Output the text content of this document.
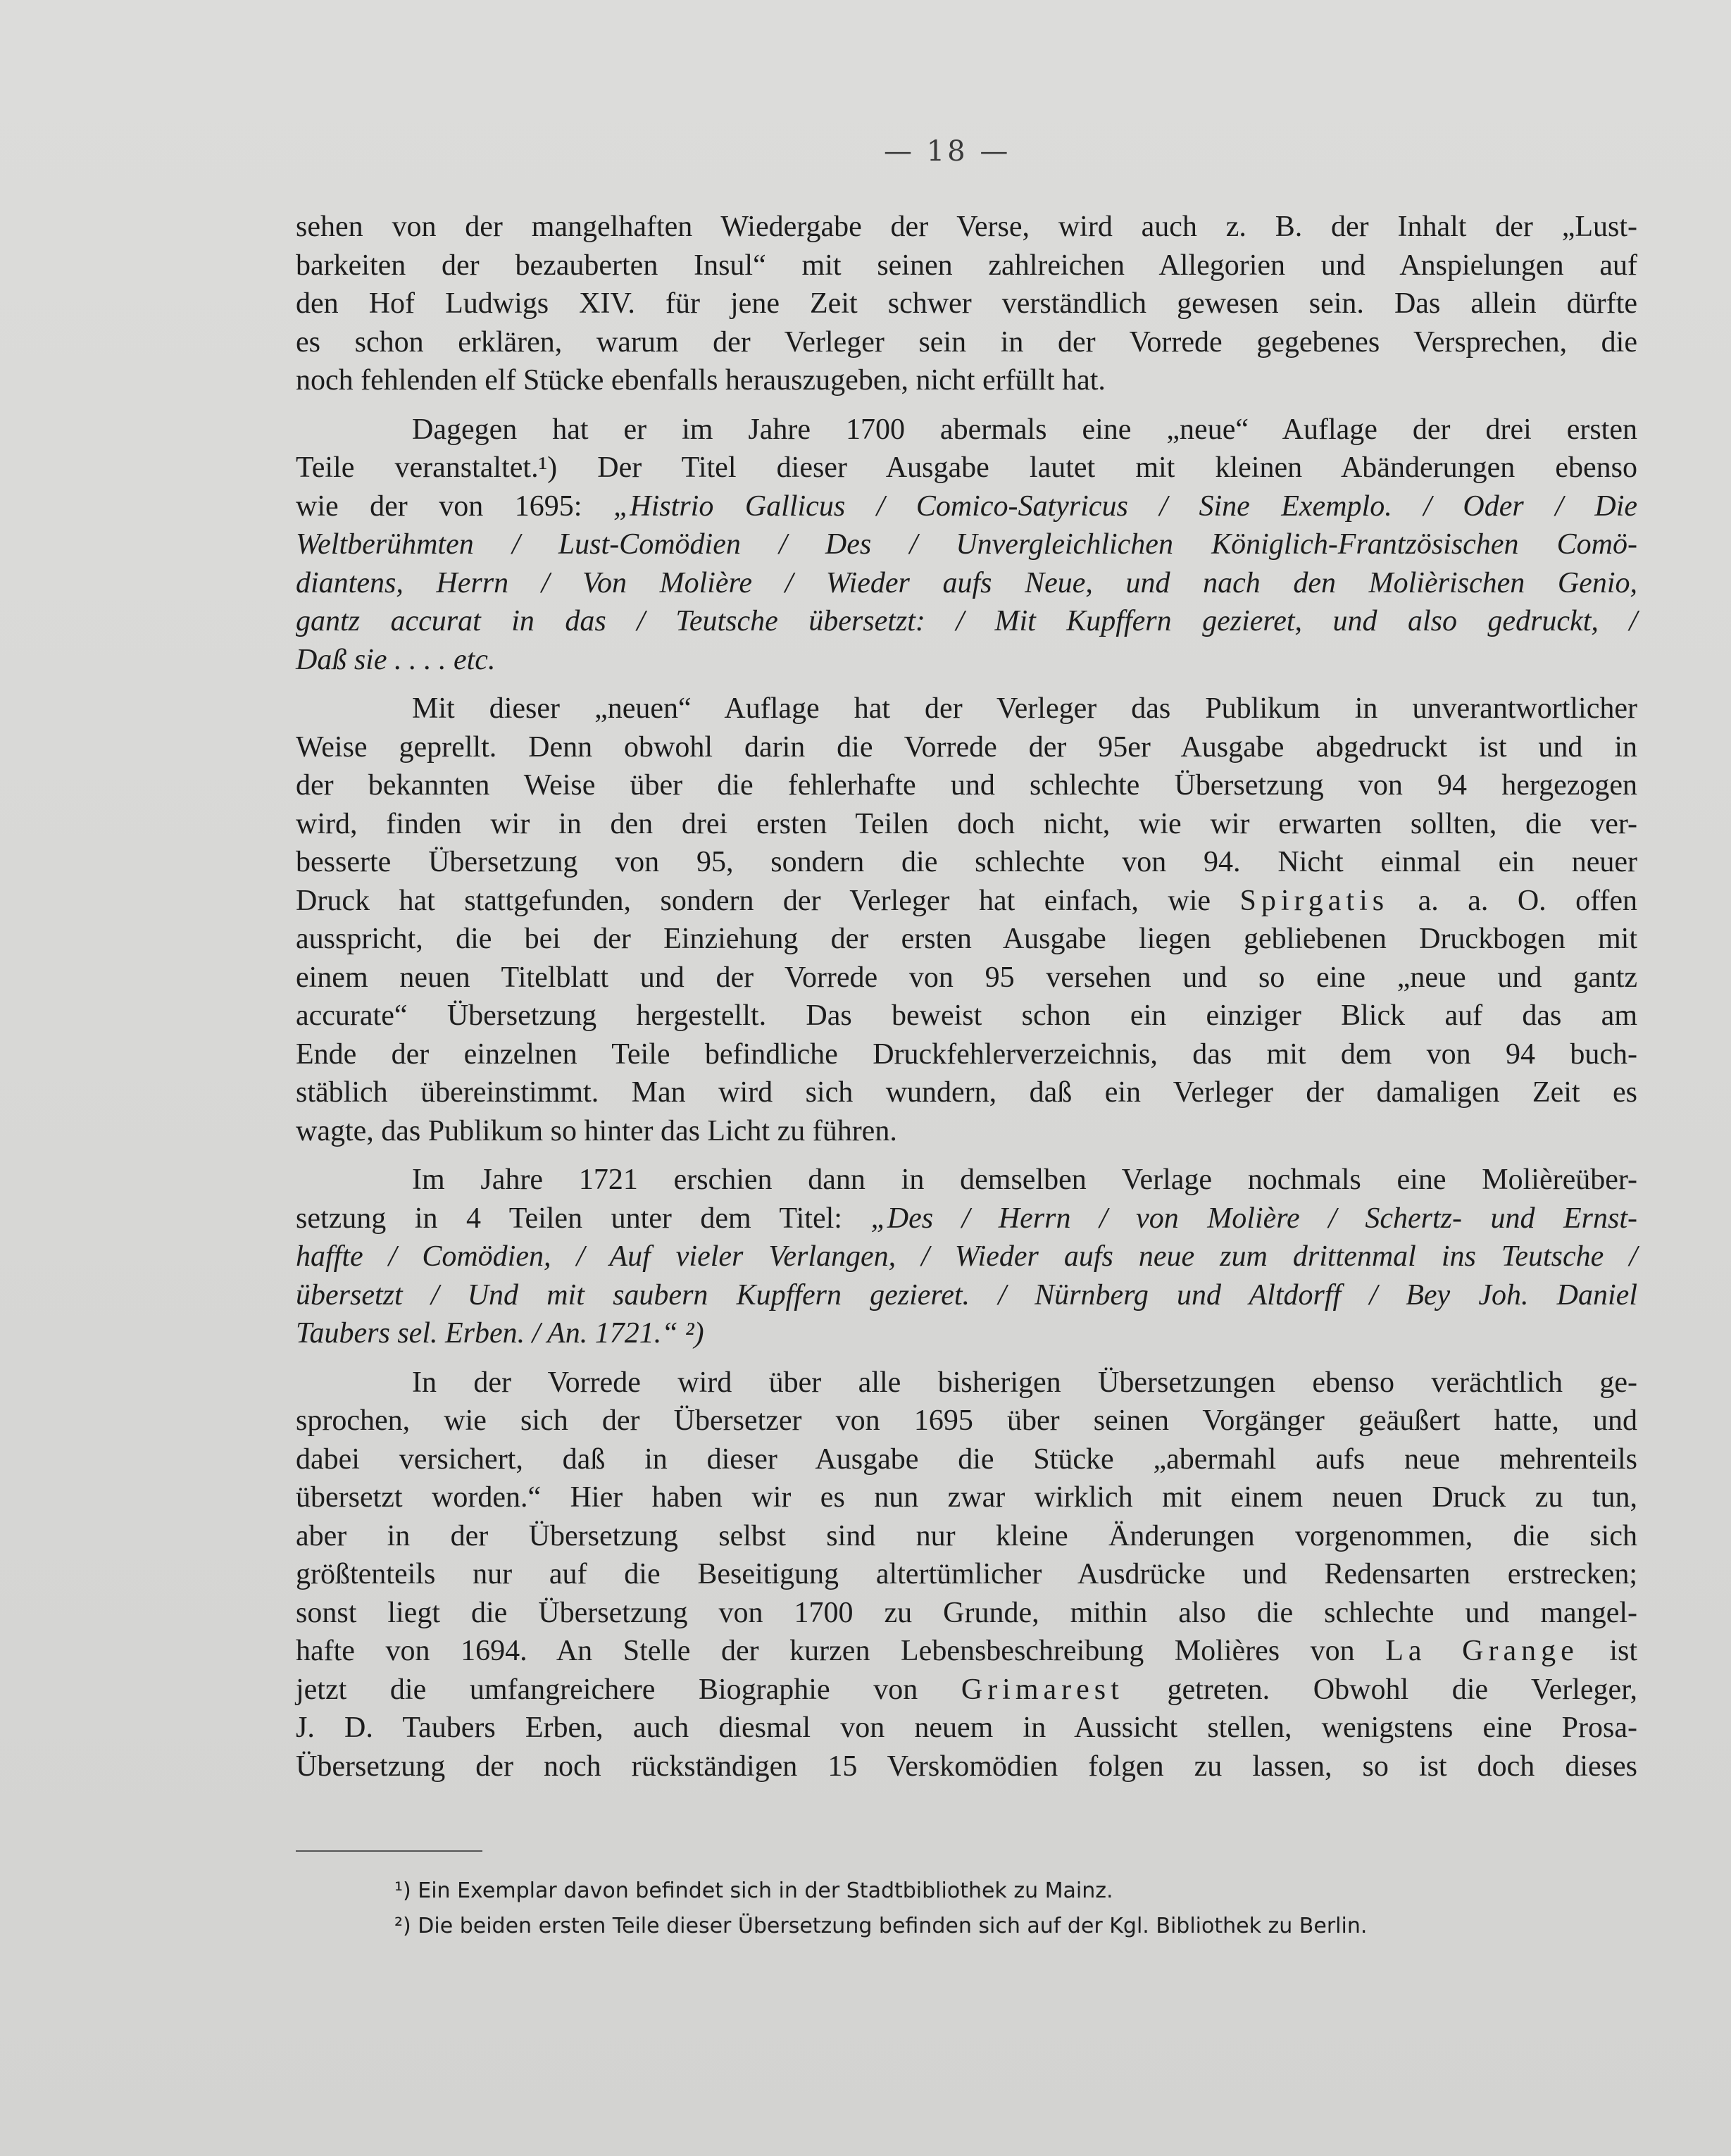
— 18 —
sehen von der mangelhaften Wiedergabe der Verse, wird auch z. B. der Inhalt der „Lust-
barkeiten der bezauberten Insul“ mit seinen zahlreichen Allegorien und Anspielungen auf
den Hof Ludwigs XIV. für jene Zeit schwer verständlich gewesen sein. Das allein dürfte
es schon erklären, warum der Verleger sein in der Vorrede gegebenes Versprechen, die
noch fehlenden elf Stücke ebenfalls herauszugeben, nicht erfüllt hat.
Dagegen hat er im Jahre 1700 abermals eine „neue“ Auflage der drei ersten
Teile veranstaltet.¹) Der Titel dieser Ausgabe lautet mit kleinen Abänderungen ebenso
wie der von 1695: „Histrio Gallicus / Comico-Satyricus / Sine Exemplo. / Oder / Die
Weltberühmten / Lust-Comödien / Des / Unvergleichlichen Königlich-Frantzösischen Comö-
diantens, Herrn / Von Molière / Wieder aufs Neue, und nach den Molièrischen Genio,
gantz accurat in das / Teutsche übersetzt: / Mit Kupffern gezieret, und also gedruckt, /
Daß sie . . . . etc.
Mit dieser „neuen“ Auflage hat der Verleger das Publikum in unverantwortlicher
Weise geprellt. Denn obwohl darin die Vorrede der 95er Ausgabe abgedruckt ist und in
der bekannten Weise über die fehlerhafte und schlechte Übersetzung von 94 hergezogen
wird, finden wir in den drei ersten Teilen doch nicht, wie wir erwarten sollten, die ver-
besserte Übersetzung von 95, sondern die schlechte von 94. Nicht einmal ein neuer
Druck hat stattgefunden, sondern der Verleger hat einfach, wie Spirgatis a. a. O. offen
ausspricht, die bei der Einziehung der ersten Ausgabe liegen gebliebenen Druckbogen mit
einem neuen Titelblatt und der Vorrede von 95 versehen und so eine „neue und gantz
accurate“ Übersetzung hergestellt. Das beweist schon ein einziger Blick auf das am
Ende der einzelnen Teile befindliche Druckfehlerverzeichnis, das mit dem von 94 buch-
stäblich übereinstimmt. Man wird sich wundern, daß ein Verleger der damaligen Zeit es
wagte, das Publikum so hinter das Licht zu führen.
Im Jahre 1721 erschien dann in demselben Verlage nochmals eine Molièreüber-
setzung in 4 Teilen unter dem Titel: „Des / Herrn / von Molière / Schertz- und Ernst-
haffte / Comödien, / Auf vieler Verlangen, / Wieder aufs neue zum drittenmal ins Teutsche /
übersetzt / Und mit saubern Kupffern gezieret. / Nürnberg und Altdorff / Bey Joh. Daniel
Taubers sel. Erben. / An. 1721.“ ²)
In der Vorrede wird über alle bisherigen Übersetzungen ebenso verächtlich ge-
sprochen, wie sich der Übersetzer von 1695 über seinen Vorgänger geäußert hatte, und
dabei versichert, daß in dieser Ausgabe die Stücke „abermahl aufs neue mehrenteils
übersetzt worden.“ Hier haben wir es nun zwar wirklich mit einem neuen Druck zu tun,
aber in der Übersetzung selbst sind nur kleine Änderungen vorgenommen, die sich
größtenteils nur auf die Beseitigung altertümlicher Ausdrücke und Redensarten erstrecken;
sonst liegt die Übersetzung von 1700 zu Grunde, mithin also die schlechte und mangel-
hafte von 1694. An Stelle der kurzen Lebensbeschreibung Molières von La Grange ist
jetzt die umfangreichere Biographie von Grimarest getreten. Obwohl die Verleger,
J. D. Taubers Erben, auch diesmal von neuem in Aussicht stellen, wenigstens eine Prosa-
Übersetzung der noch rückständigen 15 Verskomödien folgen zu lassen, so ist doch dieses
¹) Ein Exemplar davon befindet sich in der Stadtbibliothek zu Mainz.
²) Die beiden ersten Teile dieser Übersetzung befinden sich auf der Kgl. Bibliothek zu Berlin.
